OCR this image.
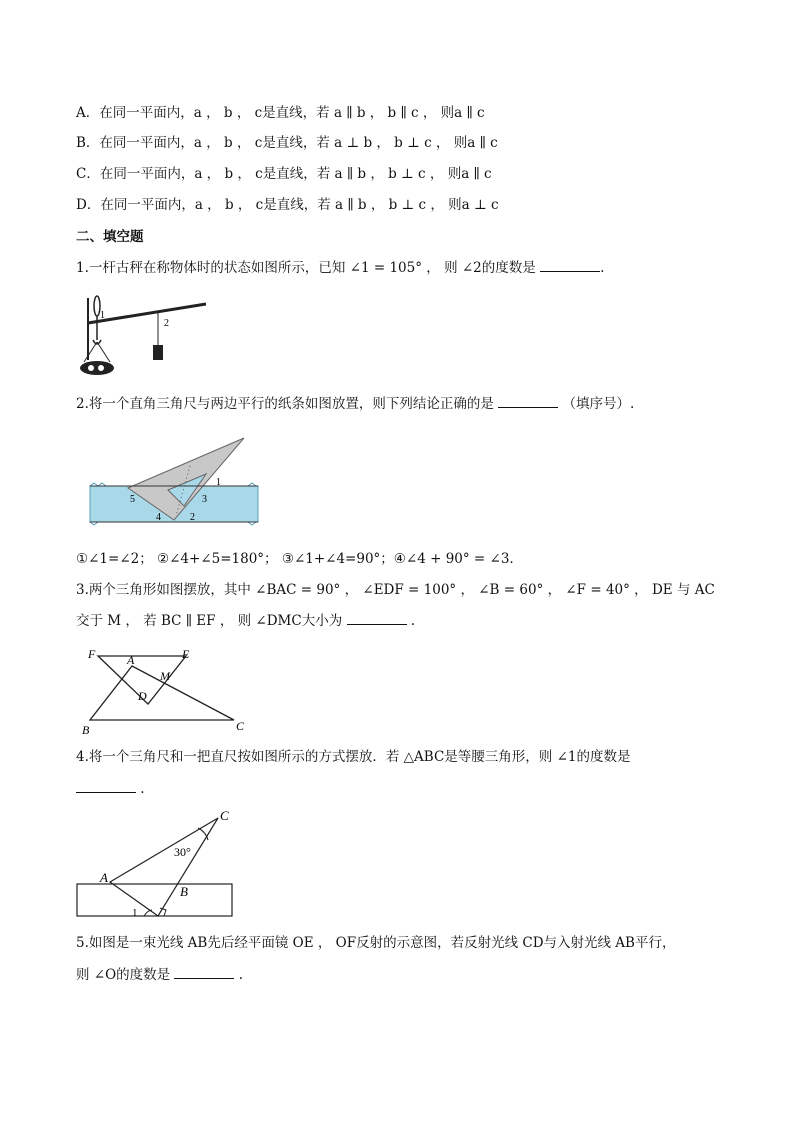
A．在同一平面内，a ， b ， c是直线，若 a ∥ b ， b ∥ c ， 则a ∥ c
B．在同一平面内，a ， b ， c是直线，若 a ⊥ b ， b ⊥ c ， 则a ∥ c
C．在同一平面内，a ， b ， c是直线，若 a ∥ b ， b ⊥ c ， 则a ∥ c
D．在同一平面内，a ， b ， c是直线，若 a ∥ b ， b ⊥ c ， 则a ⊥ c
二、填空题
1.一杆古秤在称物体时的状态如图所示，已知 ∠1 = 105° ， 则 ∠2的度数是	.
1
2
2.将一个直角三角尺与两边平行的纸条如图放置，则下列结论正确的是	（填序号）.
1
2
3
4
5
①∠1=∠2； ②∠4+∠5=180°； ③∠1+∠4=90°；④∠4 + 90° = ∠3.
3.两个三角形如图摆放，其中 ∠BAC = 90° ， ∠EDF = 100° ， ∠B = 60° ， ∠F = 40° ， DE 与 AC
交于 M ， 若 BC ∥ EF ， 则 ∠DMC大小为	.
F	A	E
M
D
B	C
4.将一个三角尺和一把直尺按如图所示的方式摆放．若 △ABC是等腰三角形，则 ∠1的度数是
.
C
30°
A
B
1
5.如图是一束光线 AB先后经平面镜 OE ， OF反射的示意图，若反射光线 CD与入射光线 AB平行，
则 ∠O的度数是	.
